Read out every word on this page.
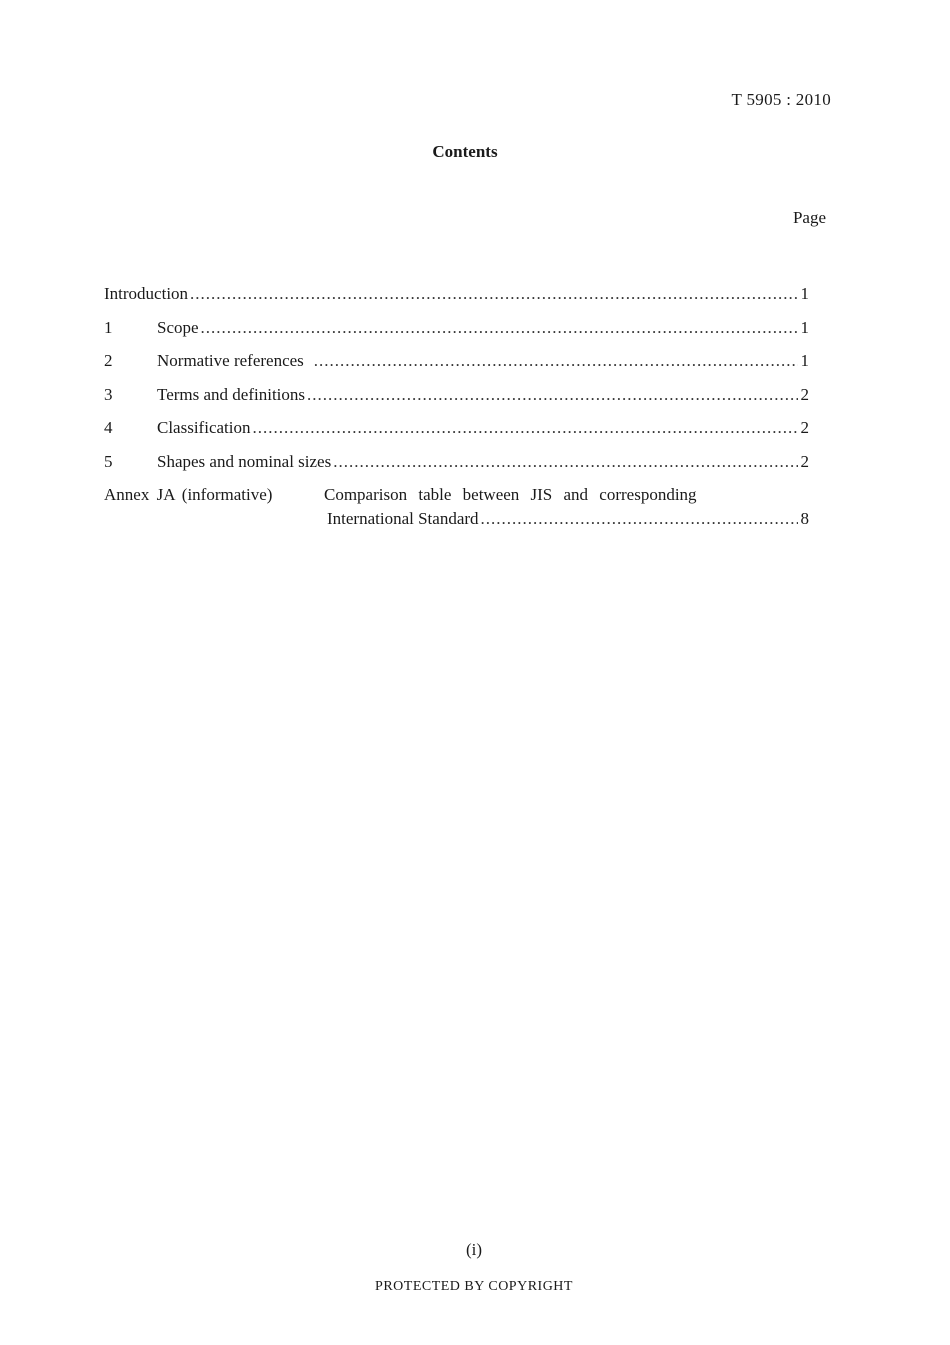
T 5905 : 2010
Contents
Page
Introduction .....	1
1	Scope .....	1
2	Normative references .....	1
3	Terms and definitions .....	2
4	Classification .....	2
5	Shapes and nominal sizes .....	2
Annex JA (informative)	Comparison table between JIS and corresponding
International Standard .....	8
(i)
PROTECTED BY COPYRIGHT
